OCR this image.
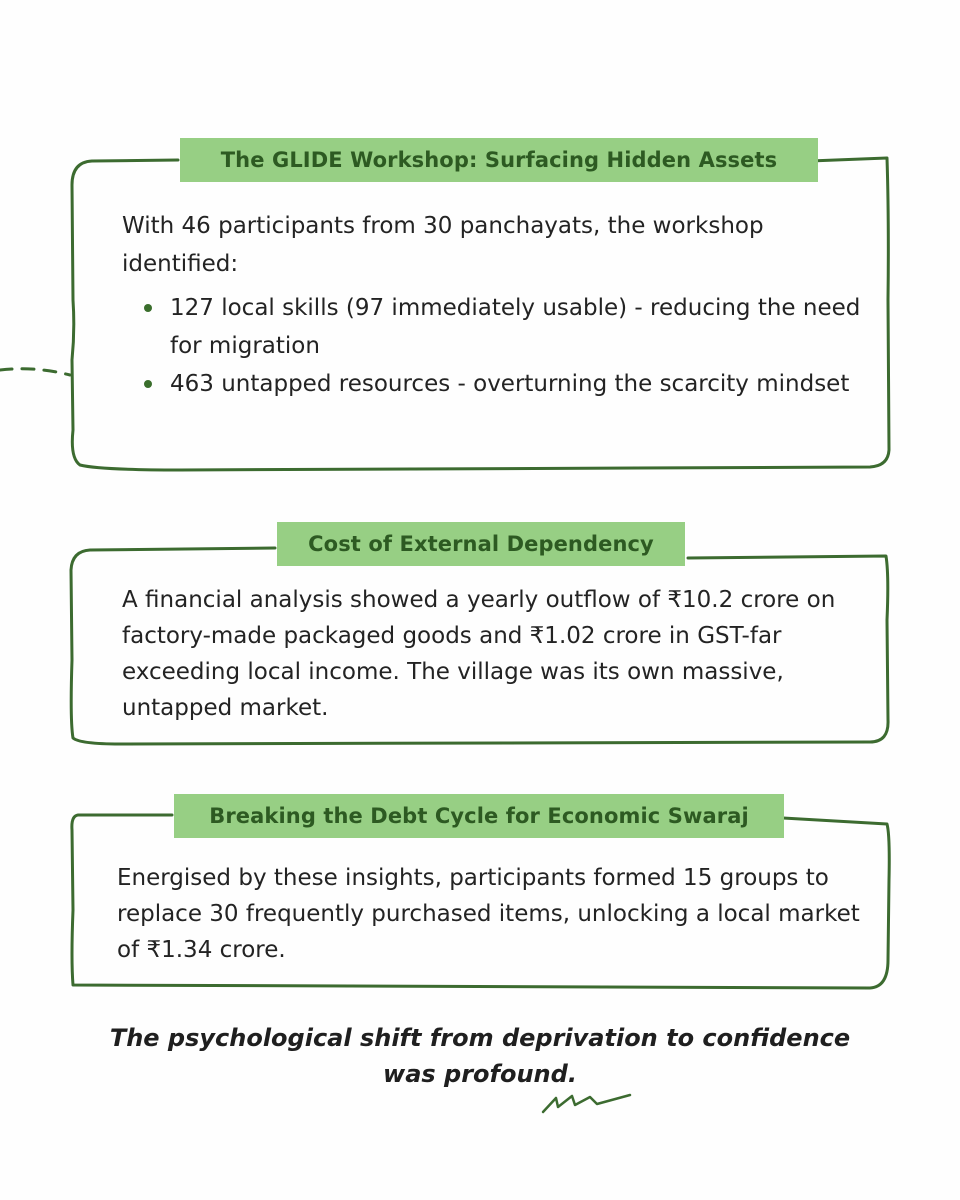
The GLIDE Workshop: Surfacing Hidden Assets
With 46 participants from 30 panchayats, the workshop identified:
127 local skills (97 immediately usable) - reducing the need for migration
463 untapped resources - overturning the scarcity mindset
Cost of External Dependency
A financial analysis showed a yearly outflow of ₹10.2 crore on factory-made packaged goods and ₹1.02 crore in GST-far exceeding local income. The village was its own massive, untapped market.
Breaking the Debt Cycle for Economic Swaraj
Energised by these insights, participants formed 15 groups to replace 30 frequently purchased items, unlocking a local market of ₹1.34 crore.
The psychological shift from deprivation to confidence was profound.
